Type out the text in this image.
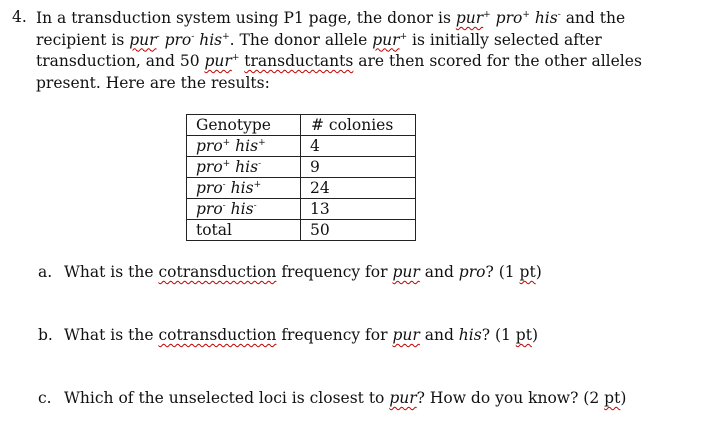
4. In a transduction system using P1 page, the donor is pur+ pro+ his- and the
recipient is pur- pro- his+. The donor allele pur+ is initially selected after
transduction, and 50 pur+ transductants are then scored for the other alleles
present. Here are the results:
Genotype	# colonies
pro+ his+	4
pro+ his-	9
pro- his+	24
pro- his-	13
total	50
a. What is the cotransduction frequency for pur and pro? (1 pt)
b. What is the cotransduction frequency for pur and his? (1 pt)
c. Which of the unselected loci is closest to pur? How do you know? (2 pt)
